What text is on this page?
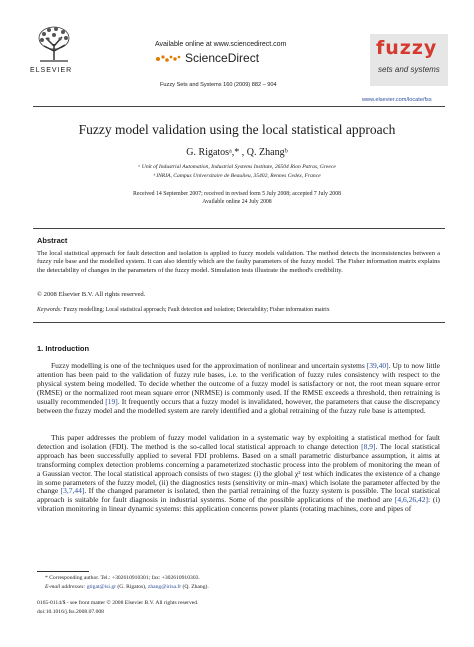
ELSEVIER
Available online at www.sciencedirect.com
ScienceDirect
Fuzzy Sets and Systems 160 (2009) 882 – 904
fuzzy
sets and systems
www.elsevier.com/locate/fss
Fuzzy model validation using the local statistical approach
G. Rigatosᵃ,* , Q. Zhangᵇ
ᵃ Unit of Industrial Automation, Industrial Systems Institute, 26504 Rion Patras, Greece
ᵇ INRIA, Campus Universitaire de Beaulieu, 35402, Rennes Cedex, France
Received 14 September 2007; received in revised form 5 July 2008; accepted 7 July 2008
Available online 24 July 2008
Abstract
The local statistical approach for fault detection and isolation is applied to fuzzy models validation. The method detects the inconsistencies between a fuzzy rule base and the modelled system. It can also identify which are the faulty parameters of the fuzzy model. The Fisher information matrix explains the detectability of changes in the parameters of the fuzzy model. Simulation tests illustrate the method's credibility.
© 2008 Elsevier B.V. All rights reserved.
Keywords: Fuzzy modelling; Local statistical approach; Fault detection and isolation; Detectability; Fisher information matrix
1. Introduction
Fuzzy modelling is one of the techniques used for the approximation of nonlinear and uncertain systems [39,40]. Up to now little attention has been paid to the validation of fuzzy rule bases, i.e. to the verification of fuzzy rules consistency with respect to the physical system being modelled. To decide whether the outcome of a fuzzy model is satisfactory or not, the root mean square error (RMSE) or the normalized root mean square error (NRMSE) is commonly used. If the RMSE exceeds a threshold, then retraining is usually recommended [19]. It frequently occurs that a fuzzy model is invalidated, however, the parameters that cause the discrepancy between the fuzzy model and the modelled system are rarely identified and a global retraining of the fuzzy rule base is attempted.
This paper addresses the problem of fuzzy model validation in a systematic way by exploiting a statistical method for fault detection and isolation (FDI). The method is the so-called local statistical approach to change detection [8,9]. The local statistical approach has been successfully applied to several FDI problems. Based on a small parametric disturbance assumption, it aims at transforming complex detection problems concerning a parameterized stochastic process into the problem of monitoring the mean of a Gaussian vector. The local statistical approach consists of two stages: (i) the global χ² test which indicates the existence of a change in some parameters of the fuzzy model, (ii) the diagnostics tests (sensitivity or min–max) which isolate the parameter affected by the change [3,7,44]. If the changed parameter is isolated, then the partial retraining of the fuzzy system is possible. The local statistical approach is suitable for fault diagnosis in industrial systems. Some of the possible applications of the method are [4,6,26,42]: (i) vibration monitoring in linear dynamic systems: this application concerns power plants (rotating machines, core and pipes of
* Corresponding author. Tel.: +302610910301; fax: +302610910303.
E-mail addresses: gtigat@isi.gr (G. Rigatos), zhang@irisa.fr (Q. Zhang).
0165-0114/$ - see front matter © 2008 Elsevier B.V. All rights reserved.
doi:10.1016/j.fss.2008.07.008
